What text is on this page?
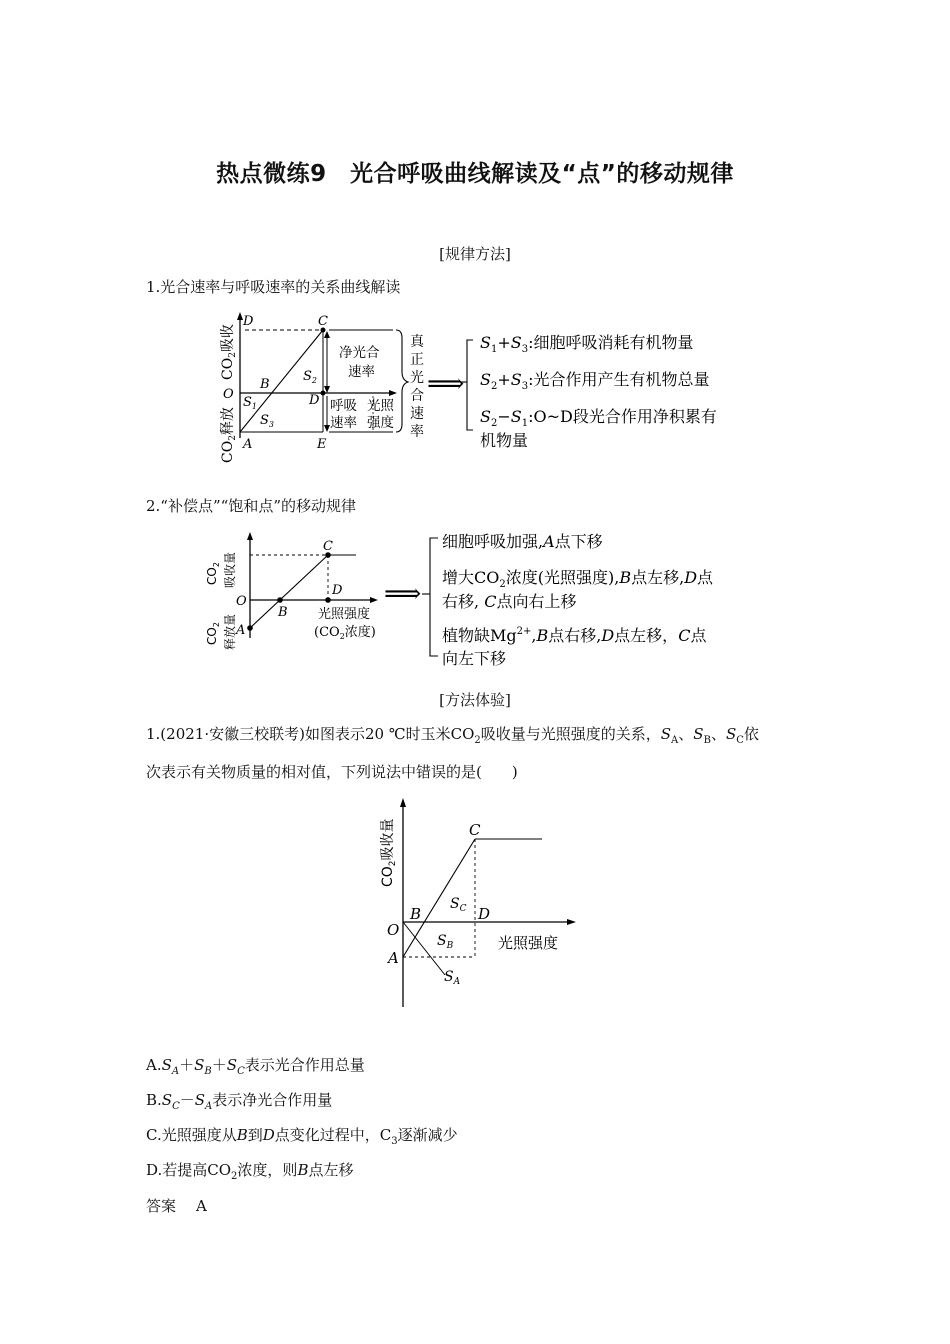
热点微练9　光合呼吸曲线解读及“点”的移动规律
[规律方法]
1.光合速率与呼吸速率的关系曲线解读
$CO_2$吸收
$CO_2$释放
D	C
O
B
$S_1$
$S_2$
D
$S_3$
A	E
净光合
速率
呼吸
速率
光照
强度
真
正
光
合
速
率
⟹
$S_1+S_3$:细胞呼吸消耗有机物量
$S_2+S_3$:光合作用产生有机物总量
$S_2-S_1:O\sim D$段光合作用净积累有
机物量
2.“补偿点”“饱和点”的移动规律
$CO_2$ 吸收量
$CO_2$ 释放量
C
D
O
B
A
光照强度
($CO_2$浓度)
⟹
细胞呼吸加强,A点下移
增大$CO_2$浓度(光照强度),B点左移,D点
右移, C点向右上移
植物缺$Mg^{2+},B$点右移,D点左移，C点
向左下移
[方法体验]
1.(2021·安徽三校联考)如图表示20 ℃时玉米$CO_2$吸收量与光照强度的关系，$S_A$、$S_B$、$S_C$依
次表示有关物质量的相对值，下列说法中错误的是(　　)
$CO_2$吸收量	C
O
B	D
A
$S_C$
$S_B$
$S_A$
光照强度
$A.S_A+S_B+S_C$表示光合作用总量
$B.S_C-S_A$表示净光合作用量
C.光照强度从B到D点变化过程中，$C_3$逐渐减少
D.若提高$CO_2$浓度，则B点左移
答案 A
